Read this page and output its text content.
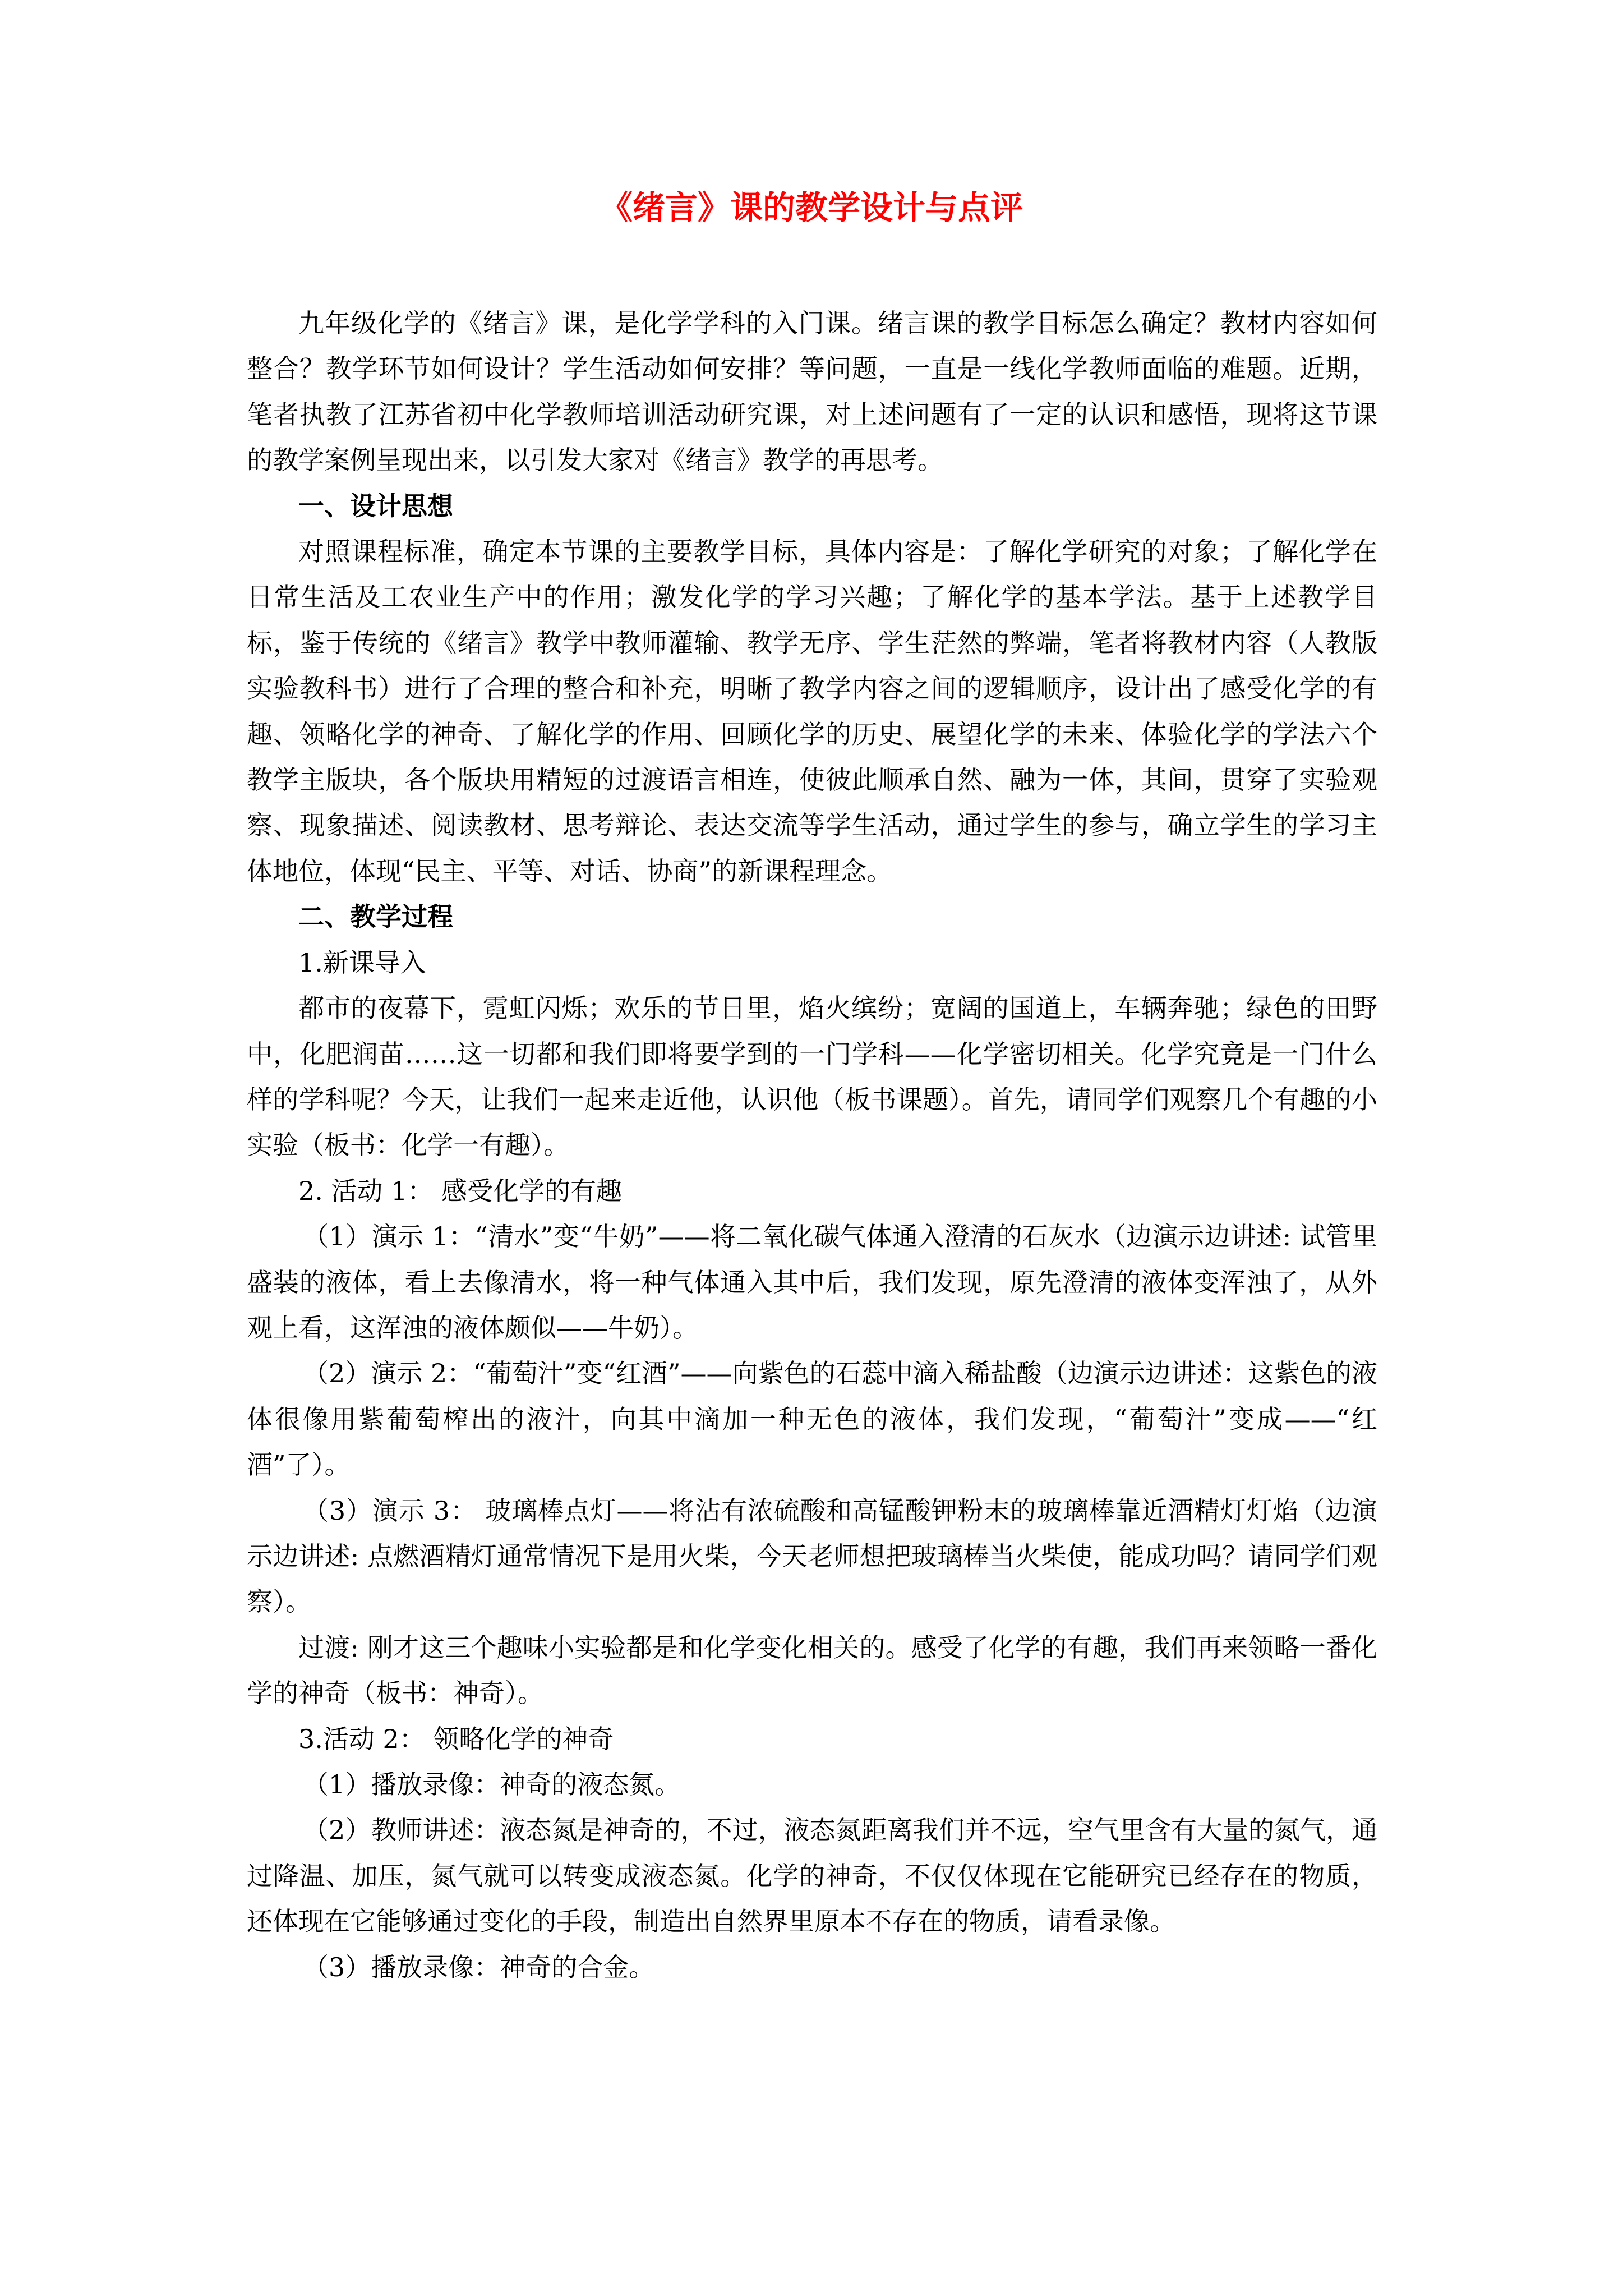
《绪言》课的教学设计与点评

九年级化学的《绪言》课，是化学学科的入门课。绪言课的教学目标怎么确定？教材内容如何整合？教学环节如何设计？学生活动如何安排？等问题，一直是一线化学教师面临的难题。近期，笔者执教了江苏省初中化学教师培训活动研究课，对上述问题有了一定的认识和感悟，现将这节课的教学案例呈现出来，以引发大家对《绪言》教学的再思考。

一、设计思想

对照课程标准，确定本节课的主要教学目标，具体内容是：了解化学研究的对象；了解化学在日常生活及工农业生产中的作用；激发化学的学习兴趣；了解化学的基本学法。基于上述教学目标，鉴于传统的《绪言》教学中教师灌输、教学无序、学生茫然的弊端，笔者将教材内容（人教版实验教科书）进行了合理的整合和补充，明晰了教学内容之间的逻辑顺序，设计出了感受化学的有趣、领略化学的神奇、了解化学的作用、回顾化学的历史、展望化学的未来、体验化学的学法六个教学主版块，各个版块用精短的过渡语言相连，使彼此顺承自然、融为一体，其间，贯穿了实验观察、现象描述、阅读教材、思考辩论、表达交流等学生活动，通过学生的参与，确立学生的学习主体地位，体现“民主、平等、对话、协商”的新课程理念。

二、教学过程

1.新课导入

都市的夜幕下，霓虹闪烁；欢乐的节日里，焰火缤纷；宽阔的国道上，车辆奔驰；绿色的田野中，化肥润苗……这一切都和我们即将要学到的一门学科——化学密切相关。化学究竟是一门什么样的学科呢？今天，让我们一起来走近他，认识他（板书课题）。首先，请同学们观察几个有趣的小实验（板书：化学一有趣）。

2. 活动 1： 感受化学的有趣

（1）演示 1：“清水”变“牛奶”——将二氧化碳气体通入澄清的石灰水（边演示边讲述: 试管里盛装的液体，看上去像清水，将一种气体通入其中后，我们发现，原先澄清的液体变浑浊了，从外观上看，这浑浊的液体颇似——牛奶）。

（2）演示 2：“葡萄汁”变“红酒”——向紫色的石蕊中滴入稀盐酸（边演示边讲述：这紫色的液体很像用紫葡萄榨出的液汁，向其中滴加一种无色的液体，我们发现，“葡萄汁”变成——“红酒”了）。

（3）演示 3： 玻璃棒点灯——将沾有浓硫酸和高锰酸钾粉末的玻璃棒靠近酒精灯灯焰（边演示边讲述: 点燃酒精灯通常情况下是用火柴，今天老师想把玻璃棒当火柴使，能成功吗？请同学们观察）。

过渡: 刚才这三个趣味小实验都是和化学变化相关的。感受了化学的有趣，我们再来领略一番化学的神奇（板书：神奇）。

3.活动 2： 领略化学的神奇

（1）播放录像：神奇的液态氮。

（2）教师讲述：液态氮是神奇的，不过，液态氮距离我们并不远，空气里含有大量的氮气，通过降温、加压，氮气就可以转变成液态氮。化学的神奇，不仅仅体现在它能研究已经存在的物质，还体现在它能够通过变化的手段，制造出自然界里原本不存在的物质，请看录像。

（3）播放录像：神奇的合金。
